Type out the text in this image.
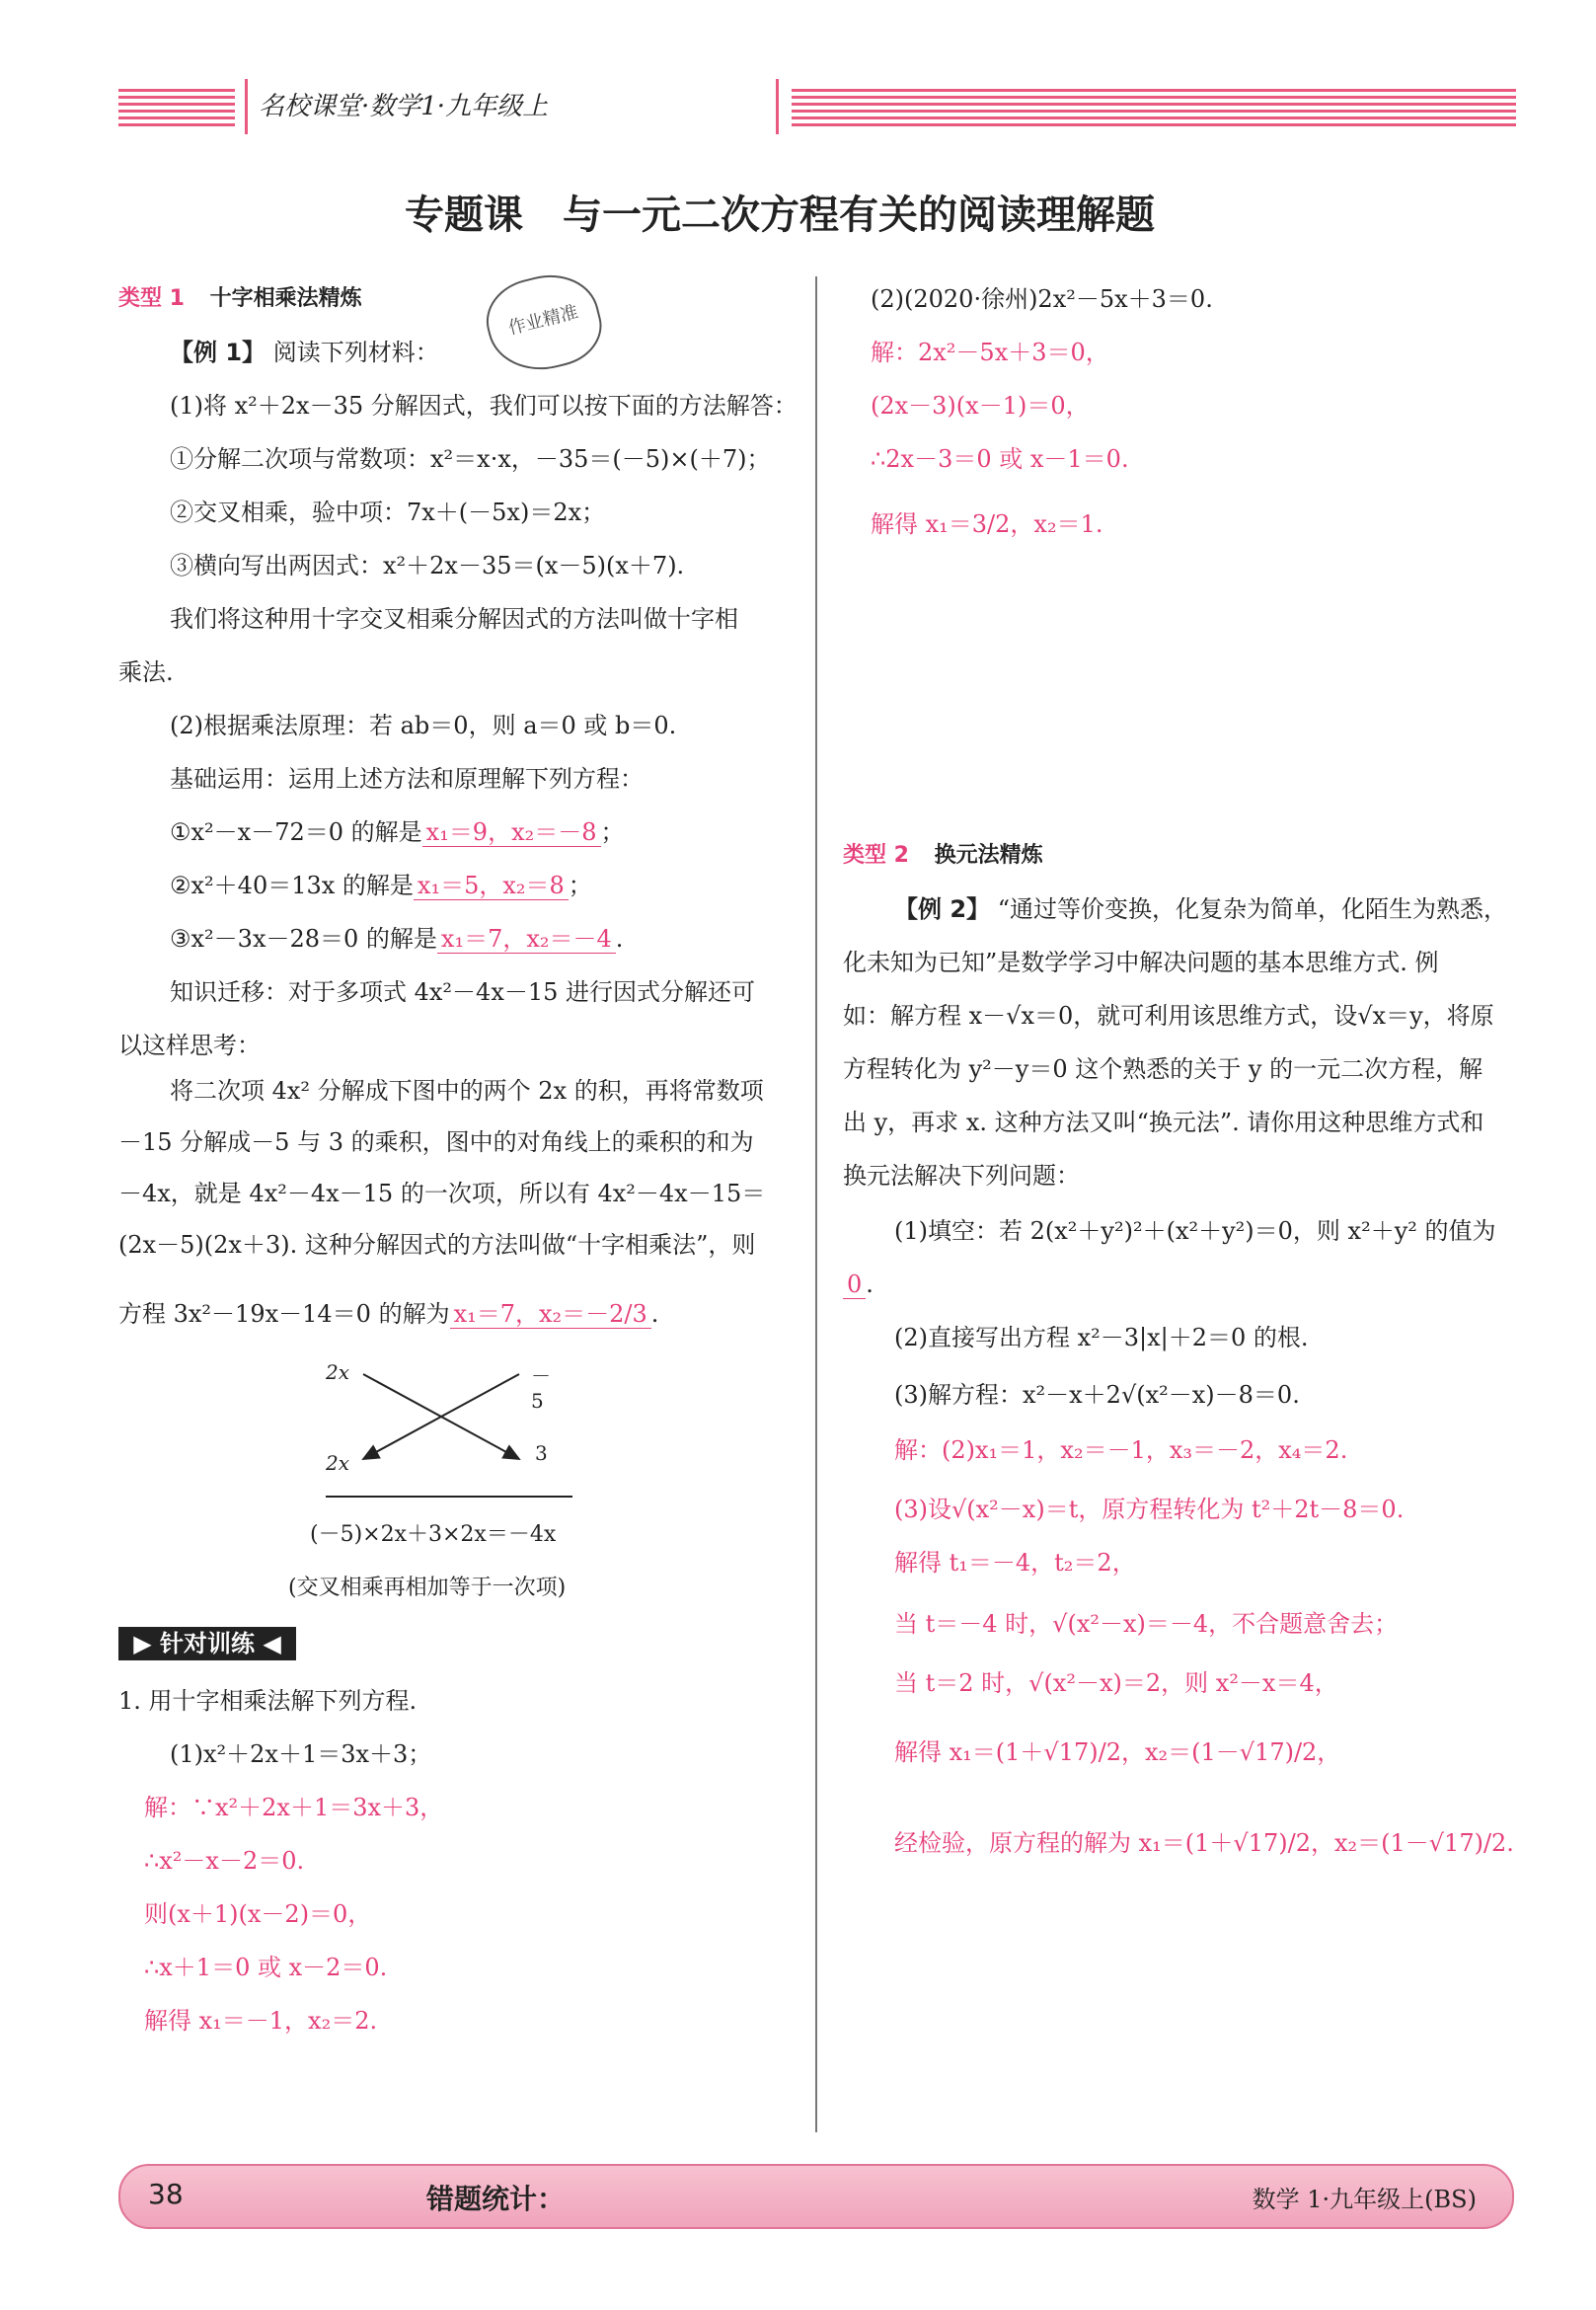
名校课堂·数学1·九年级上
专题课　与一元二次方程有关的阅读理解题
作业精准
类型 1 十字相乘法精炼
【例 1】 阅读下列材料：
(1)将 x²＋2x－35 分解因式，我们可以按下面的方法解答：
①分解二次项与常数项：x²＝x·x，－35＝(－5)×(＋7)；
②交叉相乘，验中项：7x＋(－5x)＝2x；
③横向写出两因式：x²＋2x－35＝(x－5)(x＋7).
我们将这种用十字交叉相乘分解因式的方法叫做十字相
乘法.
(2)根据乘法原理：若 ab＝0，则 a＝0 或 b＝0.
基础运用：运用上述方法和原理解下列方程：
①x²－x－72＝0 的解是 x₁＝9，x₂＝－8 ；
②x²＋40＝13x 的解是 x₁＝5，x₂＝8 ；
③x²－3x－28＝0 的解是 x₁＝7，x₂＝－4 .
知识迁移：对于多项式 4x²－4x－15 进行因式分解还可
以这样思考：
将二次项 4x² 分解成下图中的两个 2x 的积，再将常数项
－15 分解成－5 与 3 的乘积，图中的对角线上的乘积的和为
－4x，就是 4x²－4x－15 的一次项，所以有 4x²－4x－15＝
(2x－5)(2x＋3). 这种分解因式的方法叫做“十字相乘法”，则
方程 3x²－19x－14＝0 的解为 x₁＝7，x₂＝－2/3 .
2x	－5
2x	3
(－5)×2x＋3×2x＝－4x
(交叉相乘再相加等于一次项)
▶ 针对训练 ◀
1. 用十字相乘法解下列方程.
(1)x²＋2x＋1＝3x＋3；
解：∵x²＋2x＋1＝3x＋3，
∴x²－x－2＝0.
则(x＋1)(x－2)＝0，
∴x＋1＝0 或 x－2＝0.
解得 x₁＝－1，x₂＝2.
(2)(2020·徐州)2x²－5x＋3＝0.
解：2x²－5x＋3＝0，
(2x－3)(x－1)＝0，
∴2x－3＝0 或 x－1＝0.
解得 x₁＝3/2，x₂＝1.
类型 2 换元法精炼
【例 2】 “通过等价变换，化复杂为简单，化陌生为熟悉，
化未知为已知”是数学学习中解决问题的基本思维方式. 例
如：解方程 x－√x＝0，就可利用该思维方式，设√x＝y，将原
方程转化为 y²－y＝0 这个熟悉的关于 y 的一元二次方程，解
出 y，再求 x. 这种方法又叫“换元法”. 请你用这种思维方式和
换元法解决下列问题：
(1)填空：若 2(x²＋y²)²＋(x²＋y²)＝0，则 x²＋y² 的值为
0 .
(2)直接写出方程 x²－3|x|＋2＝0 的根.
(3)解方程：x²－x＋2√(x²－x)－8＝0.
解：(2)x₁＝1，x₂＝－1，x₃＝－2，x₄＝2.
(3)设√(x²－x)＝t，原方程转化为 t²＋2t－8＝0.
解得 t₁＝－4，t₂＝2，
当 t＝－4 时，√(x²－x)＝－4，不合题意舍去；
当 t＝2 时，√(x²－x)＝2，则 x²－x＝4，
解得 x₁＝(1＋√17)/2，x₂＝(1－√17)/2，
经检验，原方程的解为 x₁＝(1＋√17)/2，x₂＝(1－√17)/2.
38	错题统计：	数学 1·九年级上(BS)
